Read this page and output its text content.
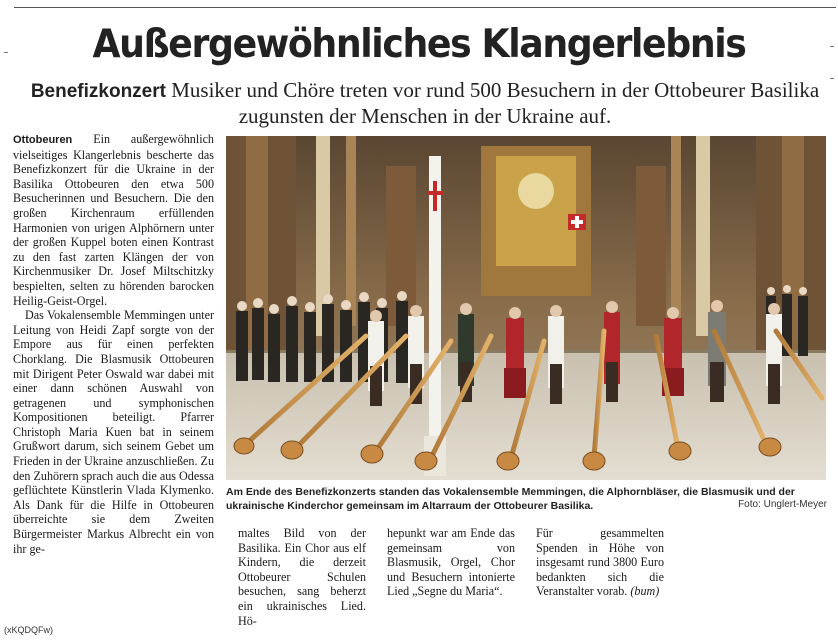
Außergewöhnliches Klangerlebnis
Benefizkonzert Musiker und Chöre treten vor rund 500 Besuchern in der Ottobeurer Basilika
zugunsten der Menschen in der Ukraine auf.

Ottobeuren Ein außergewöhnlich vielseitiges Klangerlebnis bescherte das Benefizkonzert für die Ukraine in der Basilika Ottobeuren den etwa 500 Besucherinnen und Besuchern. Die den großen Kirchenraum erfüllenden Harmonien von urigen Alphörnern unter der großen Kuppel boten einen Kontrast zu den fast zarten Klängen der von Kirchenmusiker Dr. Josef Miltschitzky bespielten, selten zu hörenden barocken Heilig-Geist-Orgel.

Das Vokalensemble Memmingen unter Leitung von Heidi Zapf sorgte von der Empore aus für einen perfekten Chorklang. Die Blasmusik Ottobeuren mit Dirigent Peter Oswald war dabei mit einer dann schönen Auswahl von getragenen und symphonischen Kompositionen beteiligt. Pfarrer Christoph Maria Kuen bat in seinem Grußwort darum, sich seinem Gebet um Frieden in der Ukraine anzuschließen. Zu den Zuhörern sprach auch die aus Odessa geflüchtete Künstlerin Vlada Klymenko. Als Dank für die Hilfe in Ottobeuren überreichte sie dem Zweiten Bürgermeister Markus Albrecht ein von ihr ge-

Am Ende des Benefizkonzerts standen das Vokalensemble Memmingen, die Alphornbläser, die Blasmusik und der ukrainische Kinderchor gemeinsam im Altarraum der Ottobeurer Basilika.	Foto: Unglert-Meyer
maltes Bild von der Basilika. Ein Chor aus elf Kindern, die derzeit Ottobeurer Schulen besuchen, sang beherzt ein ukrainisches Lied. Hö-
hepunkt war am Ende das gemeinsam von Blasmusik, Orgel, Chor und Besuchern intonierte Lied „Segne du Maria“.

Für gesammelten Spenden in Höhe von insgesamt rund 3800 Euro bedankten sich die Veranstalter vorab. (bum)

(xKQDQFw)
